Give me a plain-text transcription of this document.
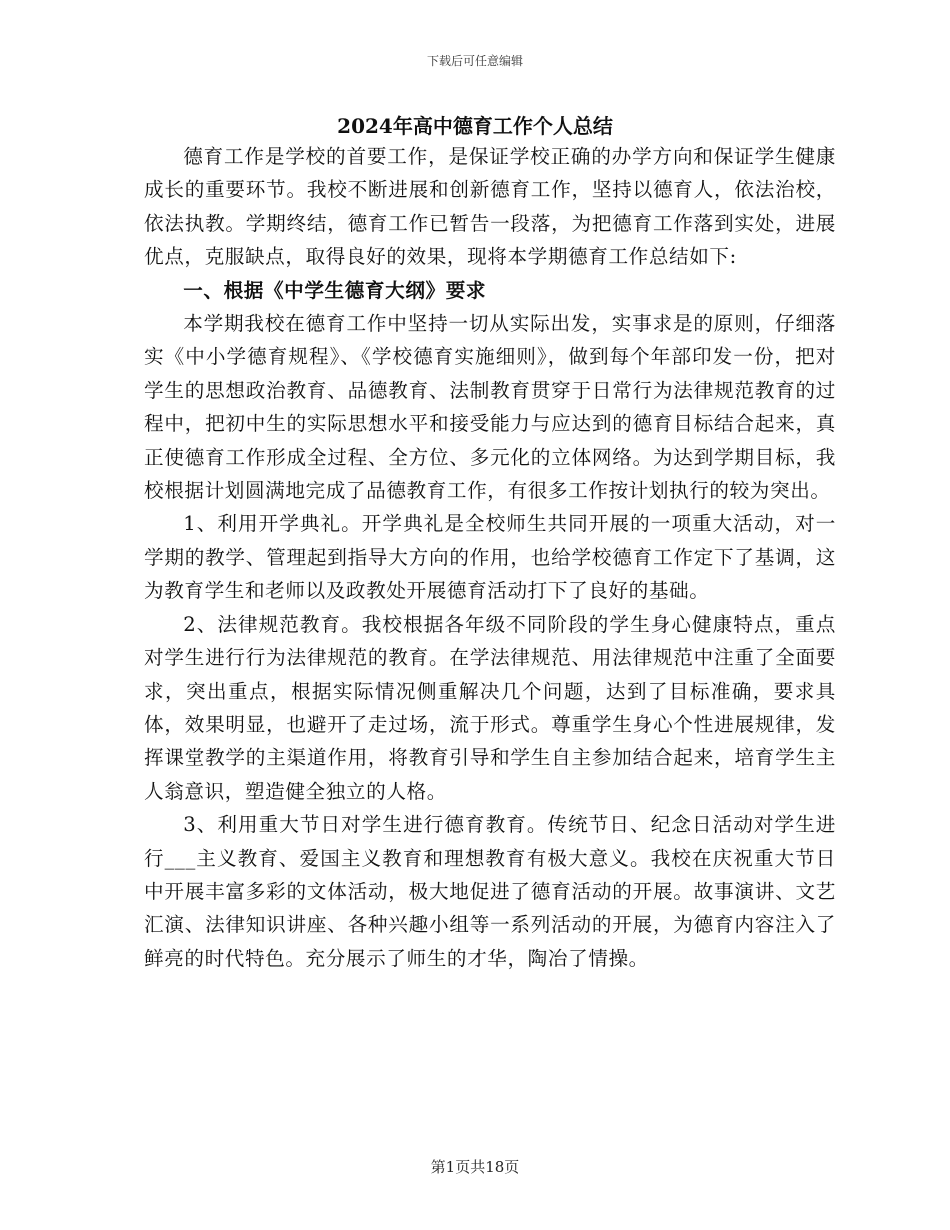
下载后可任意编辑
2024年高中德育工作个人总结

德育工作是学校的首要工作，是保证学校正确的办学方向和保证学生健康成长的重要环节。我校不断进展和创新德育工作，坚持以德育人，依法治校，依法执教。学期终结，德育工作已暂告一段落，为把德育工作落到实处，进展优点，克服缺点，取得良好的效果，现将本学期德育工作总结如下:

一、根据《中学生德育大纲》要求

本学期我校在德育工作中坚持一切从实际出发，实事求是的原则，仔细落实《中小学德育规程》、《学校德育实施细则》，做到每个年部印发一份，把对学生的思想政治教育、品德教育、法制教育贯穿于日常行为法律规范教育的过程中，把初中生的实际思想水平和接受能力与应达到的德育目标结合起来，真正使德育工作形成全过程、全方位、多元化的立体网络。为达到学期目标，我校根据计划圆满地完成了品德教育工作，有很多工作按计划执行的较为突出。

1、利用开学典礼。开学典礼是全校师生共同开展的一项重大活动，对一学期的教学、管理起到指导大方向的作用，也给学校德育工作定下了基调，这为教育学生和老师以及政教处开展德育活动打下了良好的基础。

2、法律规范教育。我校根据各年级不同阶段的学生身心健康特点，重点对学生进行行为法律规范的教育。在学法律规范、用法律规范中注重了全面要求，突出重点，根据实际情况侧重解决几个问题，达到了目标准确，要求具体，效果明显，也避开了走过场，流于形式。尊重学生身心个性进展规律，发挥课堂教学的主渠道作用，将教育引导和学生自主参加结合起来，培育学生主人翁意识，塑造健全独立的人格。

3、利用重大节日对学生进行德育教育。传统节日、纪念日活动对学生进行___主义教育、爱国主义教育和理想教育有极大意义。我校在庆祝重大节日中开展丰富多彩的文体活动，极大地促进了德育活动的开展。故事演讲、文艺汇演、法律知识讲座、各种兴趣小组等一系列活动的开展，为德育内容注入了鲜亮的时代特色。充分展示了师生的才华，陶冶了情操。

第1页共18页
